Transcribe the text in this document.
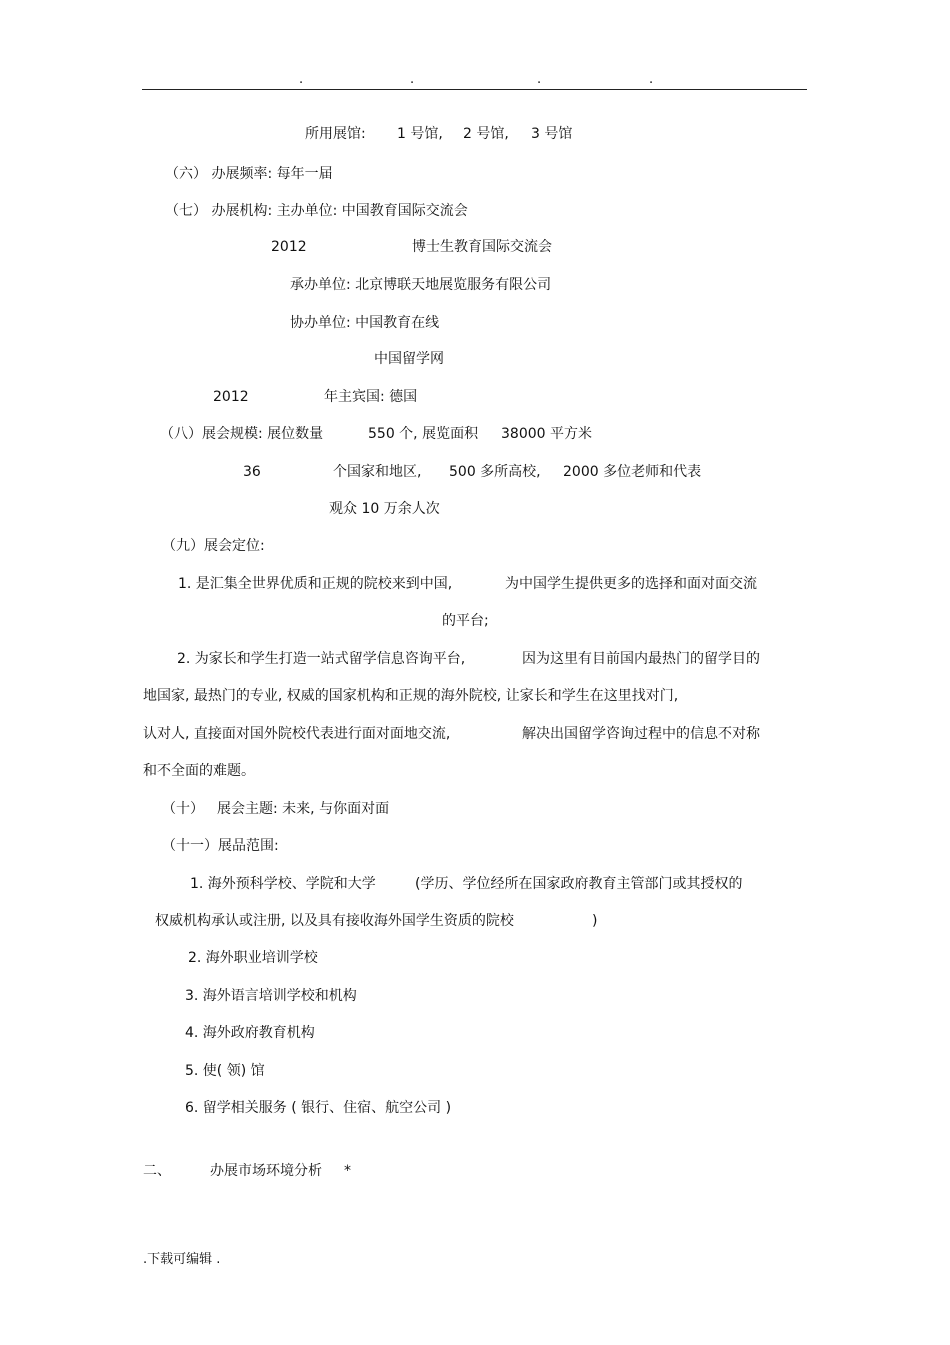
.	.	.	.
所用展馆: 1 号馆, 2 号馆, 3 号馆
（六） 办展频率: 每年一届
（七） 办展机构: 主办单位: 中国教育国际交流会
2012	博士生教育国际交流会
承办单位: 北京博联天地展览服务有限公司
协办单位: 中国教育在线
中国留学网
2012	年主宾国: 德国
（八）展会规模: 展位数量	550 个, 展览面积 38000 平方米
36	个国家和地区, 500 多所高校, 2000 多位老师和代表
观众 10 万余人次
（九）展会定位:
1. 是汇集全世界优质和正规的院校来到中国,	为中国学生提供更多的选择和面对面交流
的平台;
2. 为家长和学生打造一站式留学信息咨询平台,	因为这里有目前国内最热门的留学目的
地国家, 最热门的专业, 权威的国家机构和正规的海外院校, 让家长和学生在这里找对门,
认对人, 直接面对国外院校代表进行面对面地交流,	解决出国留学咨询过程中的信息不对称
和不全面的难题。
（十） 展会主题: 未来, 与你面对面
（十一）展品范围:
1. 海外预科学校、学院和大学	(学历、学位经所在国家政府教育主管部门或其授权的
权威机构承认或注册, 以及具有接收海外国学生资质的院校	)
2. 海外职业培训学校
3. 海外语言培训学校和机构
4. 海外政府教育机构
5. 使( 领) 馆
6. 留学相关服务 ( 银行、住宿、航空公司 )
二、	办展市场环境分析 *
.下载可编辑 .
